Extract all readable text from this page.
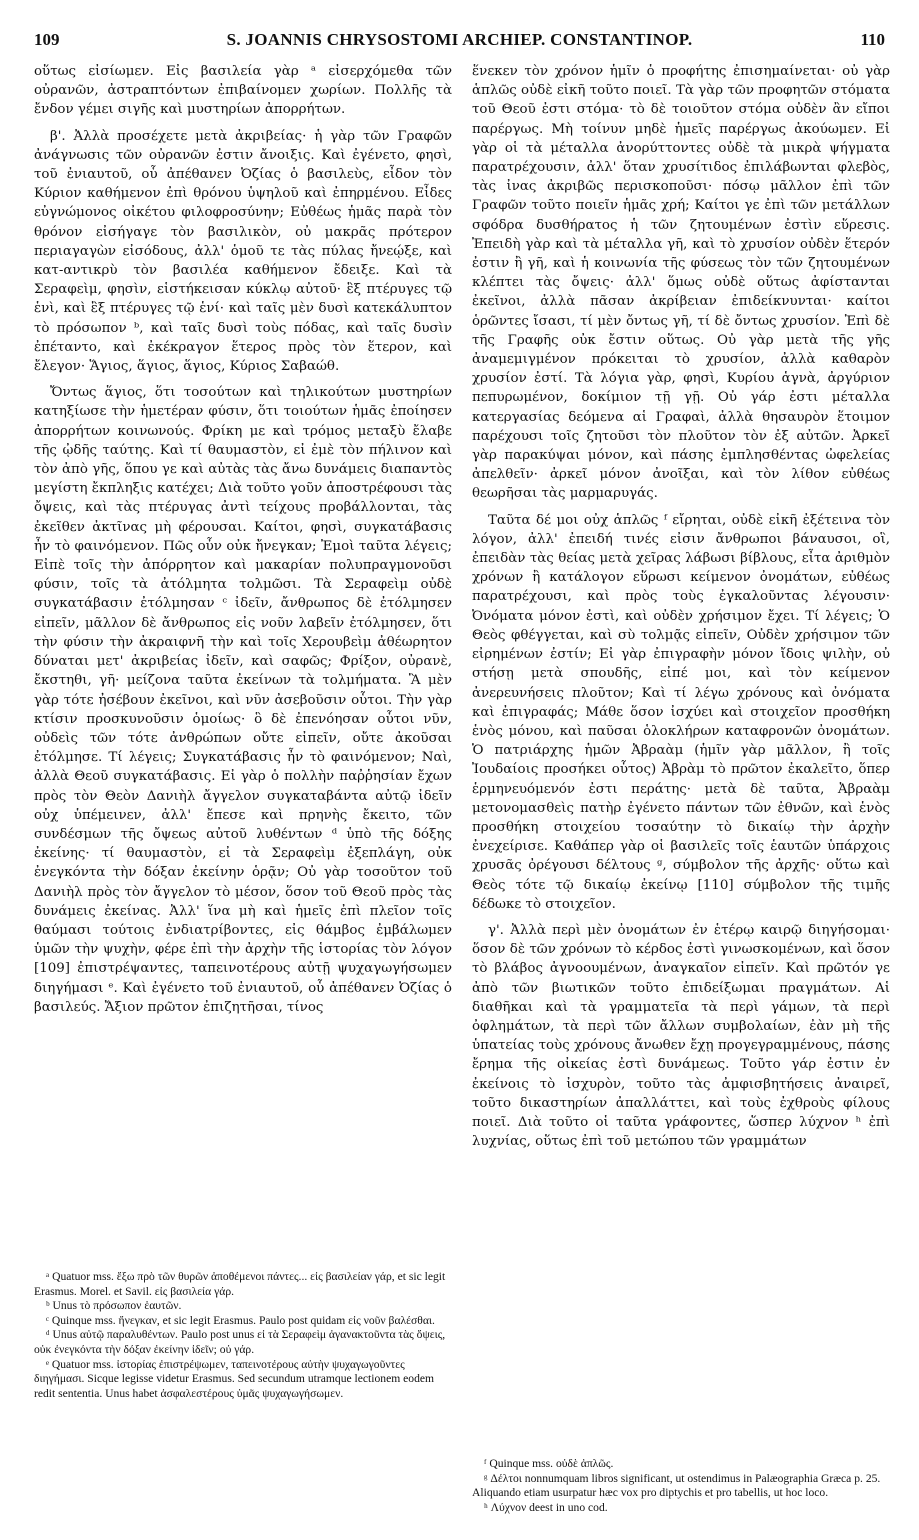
109	S. JOANNIS CHRYSOSTOMI ARCHIEP. CONSTANTINOP.	110

οὕτως εἰσίωμεν. Εἰς βασιλεία γὰρ ᵃ εἰσερχόμεθα τῶν οὐρανῶν, ἀστραπτόντων ἐπιβαίνομεν χωρίων. Πολλῆς τὰ ἔνδον γέμει σιγῆς καὶ μυστηρίων ἀπορρήτων.

β'. Ἀλλὰ προσέχετε μετὰ ἀκριβείας· ἡ γὰρ τῶν Γραφῶν ἀνάγνωσις τῶν οὐρανῶν ἐστιν ἄνοιξις. Καὶ ἐγένετο, φησὶ, τοῦ ἐνιαυτοῦ, οὗ ἀπέθανεν Ὀζίας ὁ βασιλεὺς, εἶδον τὸν Κύριον καθήμενον ἐπὶ θρόνου ὑψηλοῦ καὶ ἐπηρμένου. Εἶδες εὐγνώμονος οἰκέτου φιλοφροσύνην; Εὐθέως ἡμᾶς παρὰ τὸν θρόνον εἰσήγαγε τὸν βασιλικὸν, οὐ μακρᾶς πρότερον περιαγαγὼν εἰσόδους, ἀλλ' ὁμοῦ τε τὰς πύλας ἤνεῴξε, καὶ κατ-αντικρὺ τὸν βασιλέα καθήμενον ἔδειξε. Καὶ τὰ Σεραφεὶμ, φησὶν, εἱστήκεισαν κύκλῳ αὐτοῦ· ἓξ πτέρυγες τῷ ἑνὶ, καὶ ἓξ πτέρυγες τῷ ἑνί· καὶ ταῖς μὲν δυσὶ κατεκάλυπτον τὸ πρόσωπον ᵇ, καὶ ταῖς δυσὶ τοὺς πόδας, καὶ ταῖς δυσὶν ἐπέταντο, καὶ ἐκέκραγον ἕτερος πρὸς τὸν ἕτερον, καὶ ἔλεγον· Ἅγιος, ἅγιος, ἅγιος, Κύριος Σαβαώθ.

Ὄντως ἅγιος, ὅτι τοσούτων καὶ τηλικούτων μυστηρίων κατηξίωσε τὴν ἡμετέραν φύσιν, ὅτι τοιούτων ἡμᾶς ἐποίησεν ἀπορρήτων κοινωνούς. Φρίκη με καὶ τρόμος μεταξὺ ἔλαβε τῆς ᾠδῆς ταύτης. Καὶ τί θαυμαστὸν, εἰ ἐμὲ τὸν πήλινον καὶ τὸν ἀπὸ γῆς, ὅπου γε καὶ αὐτὰς τὰς ἄνω δυνάμεις διαπαντὸς μεγίστη ἔκπληξις κατέχει; Διὰ τοῦτο γοῦν ἀποστρέφουσι τὰς ὄψεις, καὶ τὰς πτέρυγας ἀντὶ τείχους προβάλλονται, τὰς ἐκεῖθεν ἀκτῖνας μὴ φέρουσαι. Καίτοι, φησὶ, συγκατάβασις ἦν τὸ φαινόμενον. Πῶς οὖν οὐκ ἤνεγκαν; Ἐμοὶ ταῦτα λέγεις; Εἰπὲ τοῖς τὴν ἀπόρρητον καὶ μακαρίαν πολυπραγμονοῦσι φύσιν, τοῖς τὰ ἀτόλμητα τολμῶσι. Τὰ Σεραφεὶμ οὐδὲ συγκατάβασιν ἐτόλμησαν ᶜ ἰδεῖν, ἄνθρωπος δὲ ἐτόλμησεν εἰπεῖν, μᾶλλον δὲ ἄνθρωπος εἰς νοῦν λαβεῖν ἐτόλμησεν, ὅτι τὴν φύσιν τὴν ἀκραιφνῆ τὴν καὶ τοῖς Χερουβεὶμ ἀθέωρητον δύναται μετ' ἀκριβείας ἰδεῖν, καὶ σαφῶς; Φρίξον, οὐρανὲ, ἔκστηθι, γῆ· μείζονα ταῦτα ἐκείνων τὰ τολμήματα. Ἃ μὲν γὰρ τότε ἠσέβουν ἐκεῖνοι, καὶ νῦν ἀσεβοῦσιν οὗτοι. Τὴν γὰρ κτίσιν προσκυνοῦσιν ὁμοίως· ὃ δὲ ἐπενόησαν οὗτοι νῦν, οὐδεὶς τῶν τότε ἀνθρώπων οὔτε εἰπεῖν, οὔτε ἀκοῦσαι ἐτόλμησε. Τί λέγεις; Συγκατάβασις ἦν τὸ φαινόμενον; Ναὶ, ἀλλὰ Θεοῦ συγκατάβασις. Εἰ γὰρ ὁ πολλὴν παῤῥησίαν ἔχων πρὸς τὸν Θεὸν Δανιὴλ ἄγγελον συγκαταβάντα αὐτῷ ἰδεῖν οὐχ ὑπέμεινεν, ἀλλ' ἔπεσε καὶ πρηνὴς ἔκειτο, τῶν συνδέσμων τῆς ὄψεως αὐτοῦ λυθέντων ᵈ ὑπὸ τῆς δόξης ἐκείνης· τί θαυμαστὸν, εἰ τὰ Σεραφεὶμ ἐξεπλάγη, οὐκ ἐνεγκόντα τὴν δόξαν ἐκείνην ὁρᾷν; Οὐ γὰρ τοσοῦτον τοῦ Δανιὴλ πρὸς τὸν ἄγγελον τὸ μέσον, ὅσον τοῦ Θεοῦ πρὸς τὰς δυνάμεις ἐκείνας. Ἀλλ' ἵνα μὴ καὶ ἡμεῖς ἐπὶ πλεῖον τοῖς θαύμασι τούτοις ἐνδιατρίβοντες, εἰς θάμβος ἐμβάλωμεν ὑμῶν τὴν ψυχὴν, φέρε ἐπὶ τὴν ἀρχὴν τῆς ἱστορίας τὸν λόγον [109] ἐπιστρέψαντες, ταπεινοτέρους αὐτῇ ψυχαγωγήσωμεν διηγήμασι ᵉ. Καὶ ἐγένετο τοῦ ἐνιαυτοῦ, οὗ ἀπέθανεν Ὀζίας ὁ βασιλεύς. Ἄξιον πρῶτον ἐπιζητῆσαι, τίνος

ἕνεκεν τὸν χρόνον ἡμῖν ὁ προφήτης ἐπισημαίνεται· οὐ γὰρ ἁπλῶς οὐδὲ εἰκῆ τοῦτο ποιεῖ. Τὰ γὰρ τῶν προφητῶν στόματα τοῦ Θεοῦ ἐστι στόμα· τὸ δὲ τοιοῦτον στόμα οὐδὲν ἂν εἴποι παρέργως. Μὴ τοίνυν μηδὲ ἡμεῖς παρέργως ἀκούωμεν. Εἰ γὰρ οἱ τὰ μέταλλα ἀνορύττοντες οὐδὲ τὰ μικρὰ ψήγματα παρατρέχουσιν, ἀλλ' ὅταν χρυσίτιδος ἐπιλάβωνται φλεβὸς, τὰς ἰνας ἀκριβῶς περισκοποῦσι· πόσῳ μᾶλλον ἐπὶ τῶν Γραφῶν τοῦτο ποιεῖν ἡμᾶς χρή; Καίτοι γε ἐπὶ τῶν μετάλλων σφόδρα δυσθήρατος ἡ τῶν ζητουμένων ἐστὶν εὕρεσις. Ἐπειδὴ γὰρ καὶ τὰ μέταλλα γῆ, καὶ τὸ χρυσίον οὐδὲν ἕτερόν ἐστιν ἢ γῆ, καὶ ἡ κοινωνία τῆς φύσεως τὸν τῶν ζητουμένων κλέπτει τὰς ὄψεις· ἀλλ' ὅμως οὐδὲ οὕτως ἀφίστανται ἐκεῖνοι, ἀλλὰ πᾶσαν ἀκρίβειαν ἐπιδείκνυνται· καίτοι ὁρῶντες ἴσασι, τί μὲν ὄντως γῆ, τί δὲ ὄντως χρυσίον. Ἐπὶ δὲ τῆς Γραφῆς οὐκ ἔστιν οὕτως. Οὐ γὰρ μετὰ τῆς γῆς ἀναμεμιγμένον πρόκειται τὸ χρυσίον, ἀλλὰ καθαρὸν χρυσίον ἐστί. Τὰ λόγια γὰρ, φησὶ, Κυρίου ἁγνὰ, ἀργύριον πεπυρωμένον, δοκίμιον τῇ γῇ. Οὐ γάρ ἐστι μέταλλα κατεργασίας δεόμενα αἱ Γραφαὶ, ἀλλὰ θησαυρὸν ἕτοιμον παρέχουσι τοῖς ζητοῦσι τὸν πλοῦτον τὸν ἐξ αὐτῶν. Ἀρκεῖ γὰρ παρακύψαι μόνον, καὶ πάσης ἐμπλησθέντας ὠφελείας ἀπελθεῖν· ἀρκεῖ μόνον ἀνοῖξαι, καὶ τὸν λίθον εὐθέως θεωρῆσαι τὰς μαρμαρυγάς.

Ταῦτα δέ μοι οὐχ ἁπλῶς ᶠ εἴρηται, οὐδὲ εἰκῆ ἐξέτεινα τὸν λόγον, ἀλλ' ἐπειδή τινές εἰσιν ἄνθρωποι βάναυσοι, οἳ, ἐπειδὰν τὰς θείας μετὰ χεῖρας λάβωσι βίβλους, εἶτα ἀριθμὸν χρόνων ἢ κατάλογον εὕρωσι κείμενον ὀνομάτων, εὐθέως παρατρέχουσι, καὶ πρὸς τοὺς ἐγκαλοῦντας λέγουσιν· Ὀνόματα μόνον ἐστὶ, καὶ οὐδὲν χρήσιμον ἔχει. Τί λέγεις; Ὁ Θεὸς φθέγγεται, καὶ σὺ τολμᾷς εἰπεῖν, Οὐδὲν χρήσιμον τῶν εἰρημένων ἐστίν; Εἰ γὰρ ἐπιγραφὴν μόνον ἴδοις ψιλὴν, οὐ στήσῃ μετὰ σπουδῆς, εἰπέ μοι, καὶ τὸν κείμενον ἀνερευνήσεις πλοῦτον; Καὶ τί λέγω χρόνους καὶ ὀνόματα καὶ ἐπιγραφάς; Μάθε ὅσον ἰσχύει καὶ στοιχεῖον προσθήκη ἑνὸς μόνου, καὶ παῦσαι ὁλοκλήρων καταφρονῶν ὀνομάτων. Ὁ πατριάρχης ἡμῶν Ἀβραὰμ (ἡμῖν γὰρ μᾶλλον, ἢ τοῖς Ἰουδαίοις προσήκει οὗτος) Ἀβρὰμ τὸ πρῶτον ἐκαλεῖτο, ὅπερ ἑρμηνευόμενόν ἐστι περάτης· μετὰ δὲ ταῦτα, Ἀβραὰμ μετονομασθεὶς πατὴρ ἐγένετο πάντων τῶν ἐθνῶν, καὶ ἑνὸς προσθήκη στοιχείου τοσαύτην τὸ δικαίῳ τὴν ἀρχὴν ἐνεχείρισε. Καθάπερ γὰρ οἱ βασιλεῖς τοῖς ἑαυτῶν ὑπάρχοις χρυσᾶς ὀρέγουσι δέλτους ᵍ, σύμβολον τῆς ἀρχῆς· οὕτω καὶ Θεὸς τότε τῷ δικαίῳ ἐκείνῳ [110] σύμβολον τῆς τιμῆς δέδωκε τὸ στοιχεῖον.

γ'. Ἀλλὰ περὶ μὲν ὀνομάτων ἐν ἑτέρῳ καιρῷ διηγήσομαι· ὅσον δὲ τῶν χρόνων τὸ κέρδος ἐστὶ γινωσκομένων, καὶ ὅσον τὸ βλάβος ἀγνοουμένων, ἀναγκαῖον εἰπεῖν. Καὶ πρῶτόν γε ἀπὸ τῶν βιωτικῶν τοῦτο ἐπιδείξωμαι πραγμάτων. Αἱ διαθῆκαι καὶ τὰ γραμματεῖα τὰ περὶ γάμων, τὰ περὶ ὀφλημάτων, τὰ περὶ τῶν ἄλλων συμβολαίων, ἐὰν μὴ τῆς ὑπατείας τοὺς χρόνους ἄνωθεν ἔχῃ προγεγραμμένους, πάσης ἔρημα τῆς οἰκείας ἐστὶ δυνάμεως. Τοῦτο γάρ ἐστιν ἐν ἐκείνοις τὸ ἰσχυρὸν, τοῦτο τὰς ἀμφισβητήσεις ἀναιρεῖ, τοῦτο δικαστηρίων ἀπαλλάττει, καὶ τοὺς ἐχθροὺς φίλους ποιεῖ. Διὰ τοῦτο οἱ ταῦτα γράφοντες, ὥσπερ λύχνον ʰ ἐπὶ λυχνίας, οὕτως ἐπὶ τοῦ μετώπου τῶν γραμμάτων

ᵃ Quatuor mss. ἔξω πρὸ τῶν θυρῶν ἀποθέμενοι πάντες... εἰς βασιλείαν γάρ, et sic legit Erasmus. Morel. et Savil. εἰς βασιλεία γάρ.
ᵇ Unus τὸ πρόσωπον ἑαυτῶν.
ᶜ Quinque mss. ἤνεγκαν, et sic legit Erasmus. Paulo post quidam εἰς νοῦν βαλέσθαι.
ᵈ Unus αὐτῷ παραλυθέντων. Paulo post unus εἰ τὰ Σεραφεὶμ ἀγανακτοῦντα τὰς ὄψεις, οὐκ ἐνεγκόντα τὴν δόξαν ἐκείνην ἰδεῖν; οὐ γάρ.
ᵉ Quatuor mss. ἱστορίας ἐπιστρέψωμεν, ταπεινοτέρους αὐτὴν ψυχαγωγοῦντες διηγήμασι. Sicque legisse videtur Erasmus. Sed secundum utramque lectionem eodem redit sententia. Unus habet ἀσφαλεστέρους ὑμᾶς ψυχαγωγήσωμεν.
ᶠ Quinque mss. οὐδὲ ἁπλῶς.
ᵍ Δέλτοι nonnumquam libros significant, ut ostendimus in Palæographia Græca p. 25. Aliquando etiam usurpatur hæc vox pro diptychis et pro tabellis, ut hoc loco.
ʰ Λύχνον deest in uno cod.
